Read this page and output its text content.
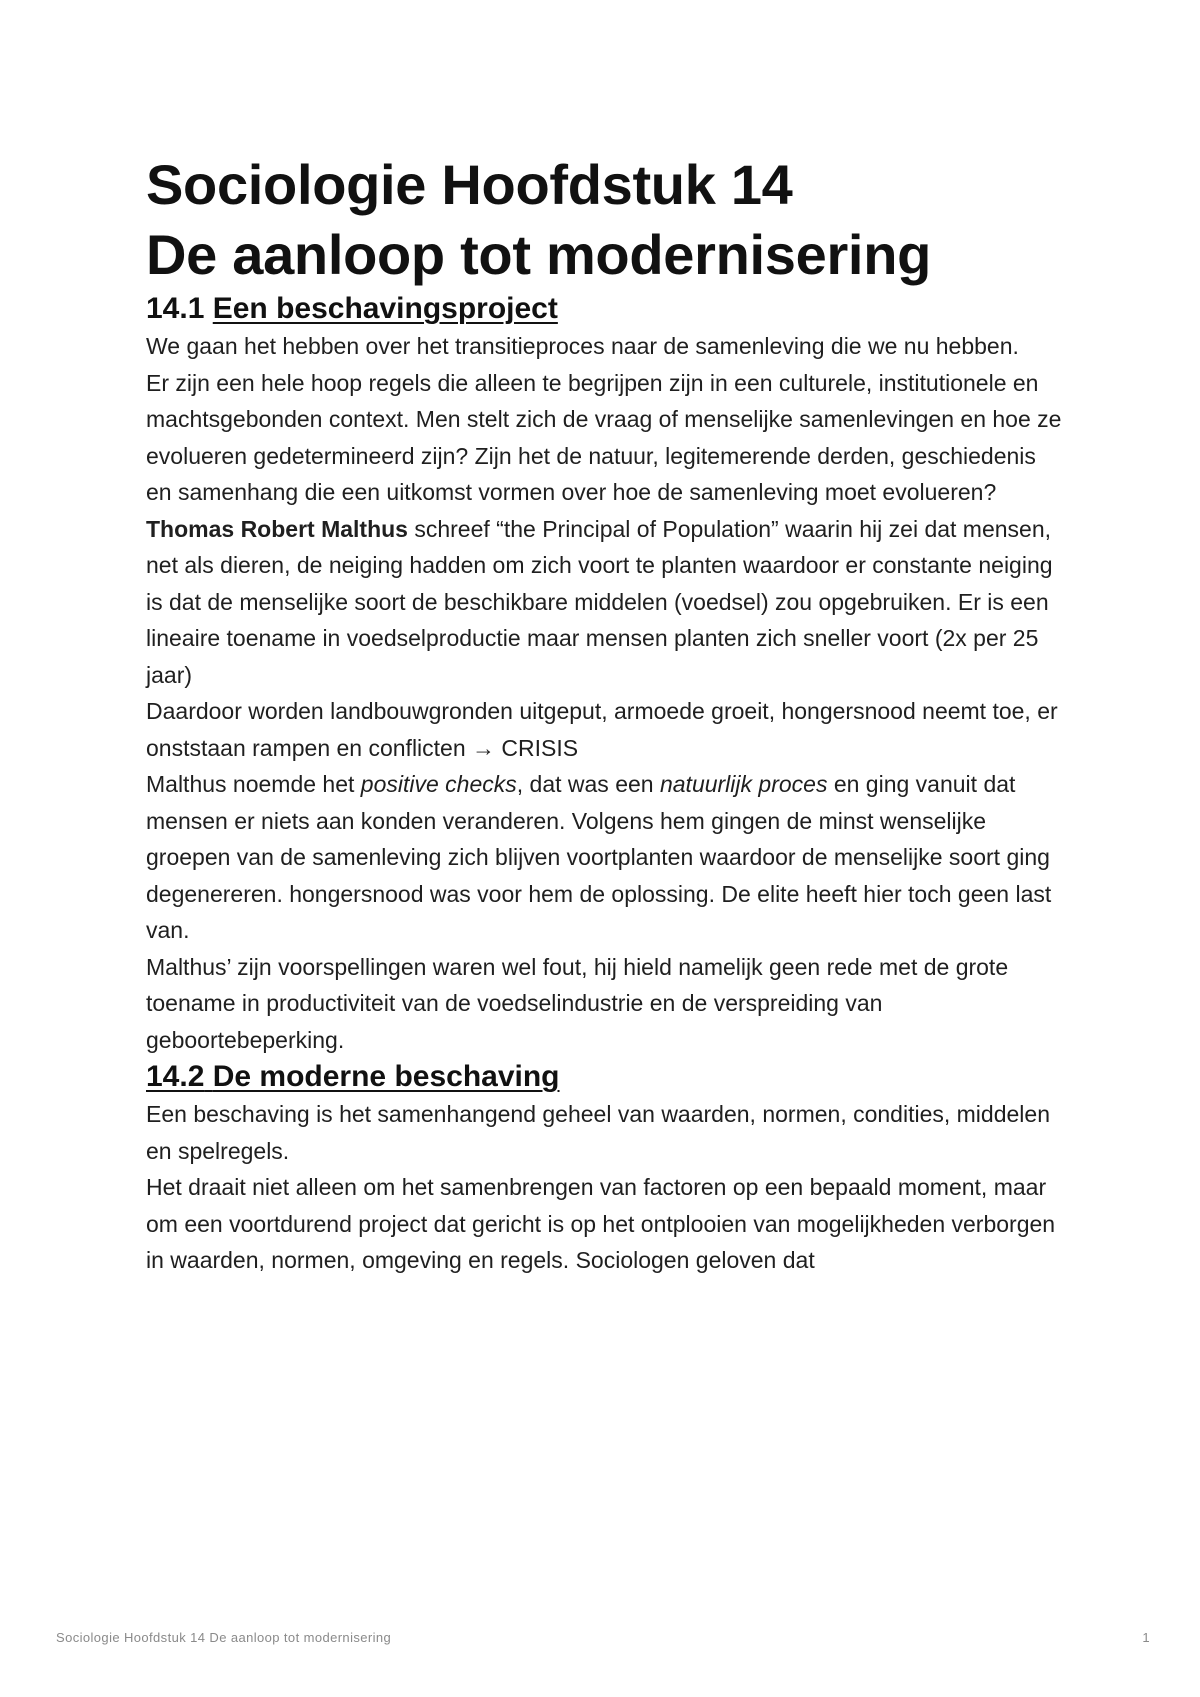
Sociologie Hoofdstuk 14
De aanloop tot modernisering
14.1 Een beschavingsproject

We gaan het hebben over het transitieproces naar de samenleving die we nu hebben.

Er zijn een hele hoop regels die alleen te begrijpen zijn in een culturele, institutionele en machtsgebonden context. Men stelt zich de vraag of menselijke samenlevingen en hoe ze evolueren gedetermineerd zijn? Zijn het de natuur, legitemerende derden, geschiedenis en samenhang die een uitkomst vormen over hoe de samenleving moet evolueren?

Thomas Robert Malthus schreef “the Principal of Population” waarin hij zei dat mensen, net als dieren, de neiging hadden om zich voort te planten waardoor er constante neiging is dat de menselijke soort de beschikbare middelen (voedsel) zou opgebruiken. Er is een lineaire toename in voedselproductie maar mensen planten zich sneller voort (2x per 25 jaar)

Daardoor worden landbouwgronden uitgeput, armoede groeit, hongersnood neemt toe, er onststaan rampen en conflicten → CRISIS

Malthus noemde het positive checks, dat was een natuurlijk proces en ging vanuit dat mensen er niets aan konden veranderen. Volgens hem gingen de minst wenselijke groepen van de samenleving zich blijven voortplanten waardoor de menselijke soort ging degenereren. hongersnood was voor hem de oplossing. De elite heeft hier toch geen last van.

Malthus’ zijn voorspellingen waren wel fout, hij hield namelijk geen rede met de grote toename in productiviteit van de voedselindustrie en de verspreiding van geboortebeperking.

14.2 De moderne beschaving

Een beschaving is het samenhangend geheel van waarden, normen, condities, middelen en spelregels.

Het draait niet alleen om het samenbrengen van factoren op een bepaald moment, maar om een voortdurend project dat gericht is op het ontplooien van mogelijkheden verborgen in waarden, normen, omgeving en regels. Sociologen geloven dat

Sociologie Hoofdstuk 14 De aanloop tot modernisering	1
